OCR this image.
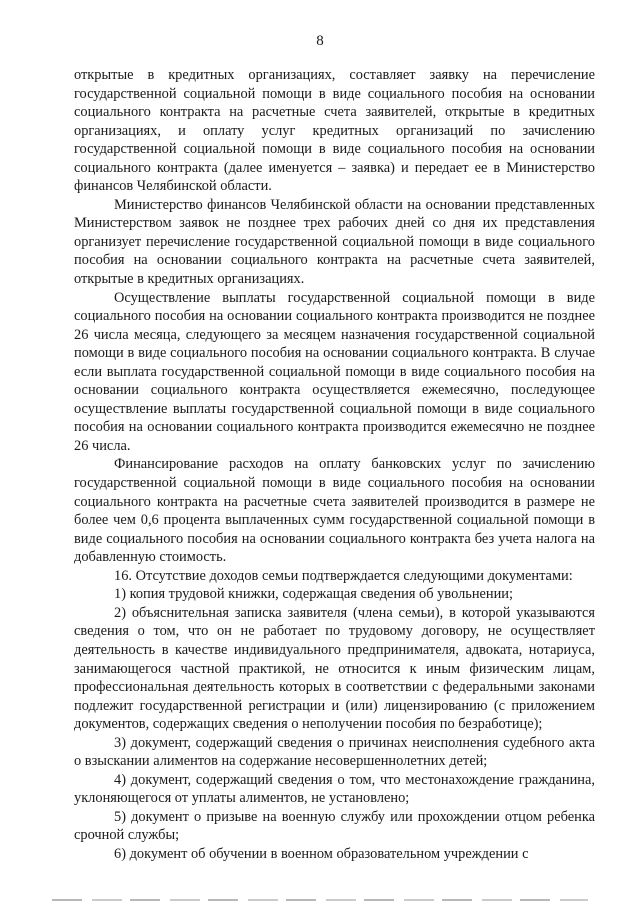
8

открытые в кредитных организациях, составляет заявку на перечисление государственной социальной помощи в виде социального пособия на основании социального контракта на расчетные счета заявителей, открытые в кредитных организациях, и оплату услуг кредитных организаций по зачислению государственной социальной помощи в виде социального пособия на основании социального контракта (далее именуется – заявка) и передает ее в Министерство финансов Челябинской области.

Министерство финансов Челябинской области на основании представленных Министерством заявок не позднее трех рабочих дней со дня их представления организует перечисление государственной социальной помощи в виде социального пособия на основании социального контракта на расчетные счета заявителей, открытые в кредитных организациях.

Осуществление выплаты государственной социальной помощи в виде социального пособия на основании социального контракта производится не позднее 26 числа месяца, следующего за месяцем назначения государственной социальной помощи в виде социального пособия на основании социального контракта. В случае если выплата государственной социальной помощи в виде социального пособия на основании социального контракта осуществляется ежемесячно, последующее осуществление выплаты государственной социальной помощи в виде социального пособия на основании социального контракта производится ежемесячно не позднее 26 числа.

Финансирование расходов на оплату банковских услуг по зачислению государственной социальной помощи в виде социального пособия на основании социального контракта на расчетные счета заявителей производится в размере не более чем 0,6 процента выплаченных сумм государственной социальной помощи в виде социального пособия на основании социального контракта без учета налога на добавленную стоимость.

16. Отсутствие доходов семьи подтверждается следующими документами:

1) копия трудовой книжки, содержащая сведения об увольнении;

2) объяснительная записка заявителя (члена семьи), в которой указываются сведения о том, что он не работает по трудовому договору, не осуществляет деятельность в качестве индивидуального предпринимателя, адвоката, нотариуса, занимающегося частной практикой, не относится к иным физическим лицам, профессиональная деятельность которых в соответствии с федеральными законами подлежит государственной регистрации и (или) лицензированию (с приложением документов, содержащих сведения о неполучении пособия по безработице);

3) документ, содержащий сведения о причинах неисполнения судебного акта о взыскании алиментов на содержание несовершеннолетних детей;

4) документ, содержащий сведения о том, что местонахождение гражданина, уклоняющегося от уплаты алиментов, не установлено;

5) документ о призыве на военную службу или прохождении отцом ребенка срочной службы;

6) документ об обучении в военном образовательном учреждении с
